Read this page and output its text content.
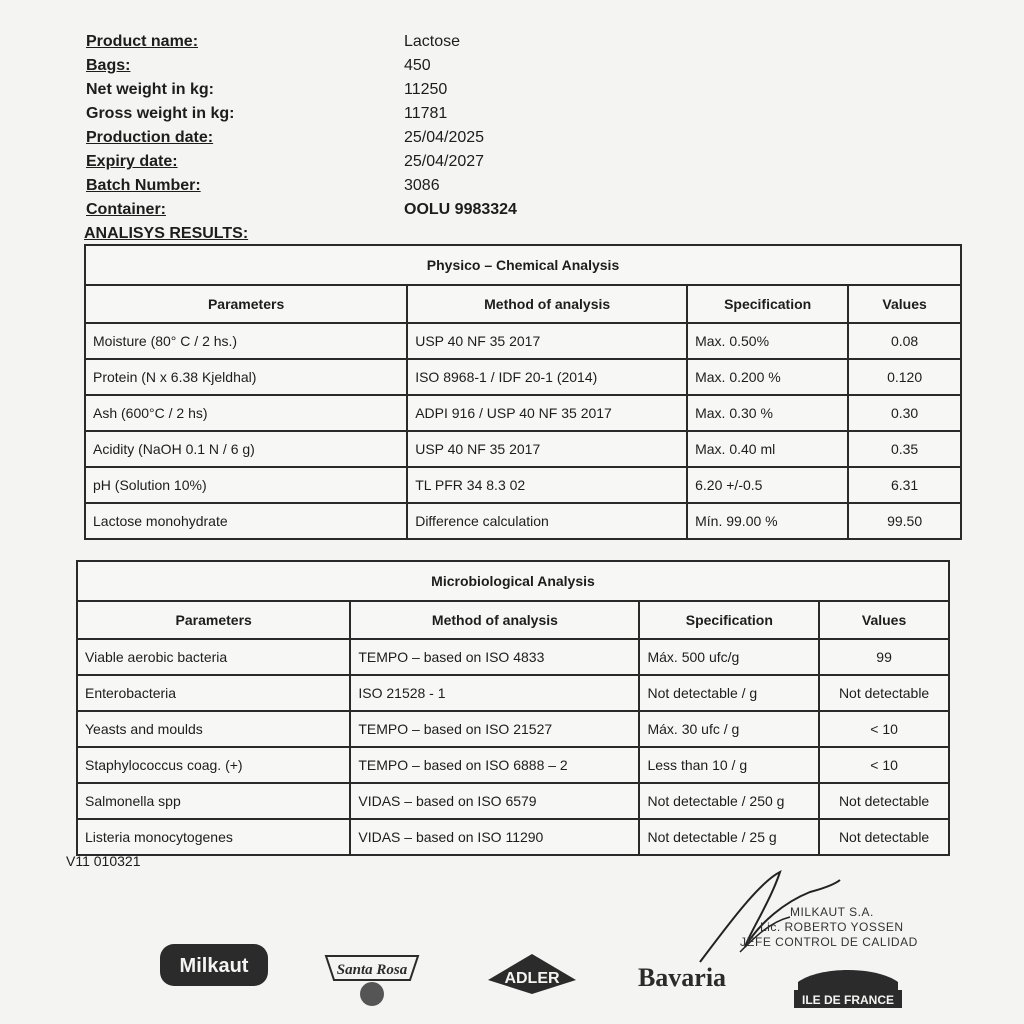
Product name:	Lactose
Bags:	450
Net weight in kg:	11250
Gross weight in kg:	11781
Production date:	25/04/2025
Expiry date:	25/04/2027
Batch Number:	3086
Container:	OOLU 9983324
ANALISYS RESULTS:
Physico – Chemical Analysis			
Parameters	Method of analysis	Specification	Values
Moisture (80° C / 2 hs.)	USP 40 NF 35 2017	Max. 0.50%	0.08
Protein (N x 6.38 Kjeldhal)	ISO 8968-1 / IDF 20-1 (2014)	Max. 0.200 %	0.120
Ash (600°C / 2 hs)	ADPI 916 / USP 40 NF 35 2017	Max. 0.30 %	0.30
Acidity (NaOH 0.1 N / 6 g)	USP 40 NF 35 2017	Max. 0.40 ml	0.35
pH (Solution 10%)	TL PFR 34 8.3 02	6.20 +/-0.5	6.31
Lactose monohydrate	Difference calculation	Mín. 99.00 %	99.50
Microbiological Analysis			
Parameters	Method of analysis	Specification	Values
Viable aerobic bacteria	TEMPO – based on ISO 4833	Máx. 500 ufc/g	99
Enterobacteria	ISO 21528 - 1	Not detectable / g	Not detectable
Yeasts and moulds	TEMPO – based on ISO 21527	Máx. 30 ufc / g	< 10
Staphylococcus coag. (+)	TEMPO – based on ISO 6888 – 2	Less than 10 / g	< 10
Salmonella spp	VIDAS – based on ISO 6579	Not detectable / 250 g	Not detectable
Listeria monocytogenes	VIDAS – based on ISO 11290	Not detectable / 25 g	Not detectable
V11 010321
MILKAUT S.A.
Lic. ROBERTO YOSSEN
JEFE CONTROL DE CALIDAD
Milkaut	Santa Rosa	ADLER	Bavaria
ILE DE FRANCE
